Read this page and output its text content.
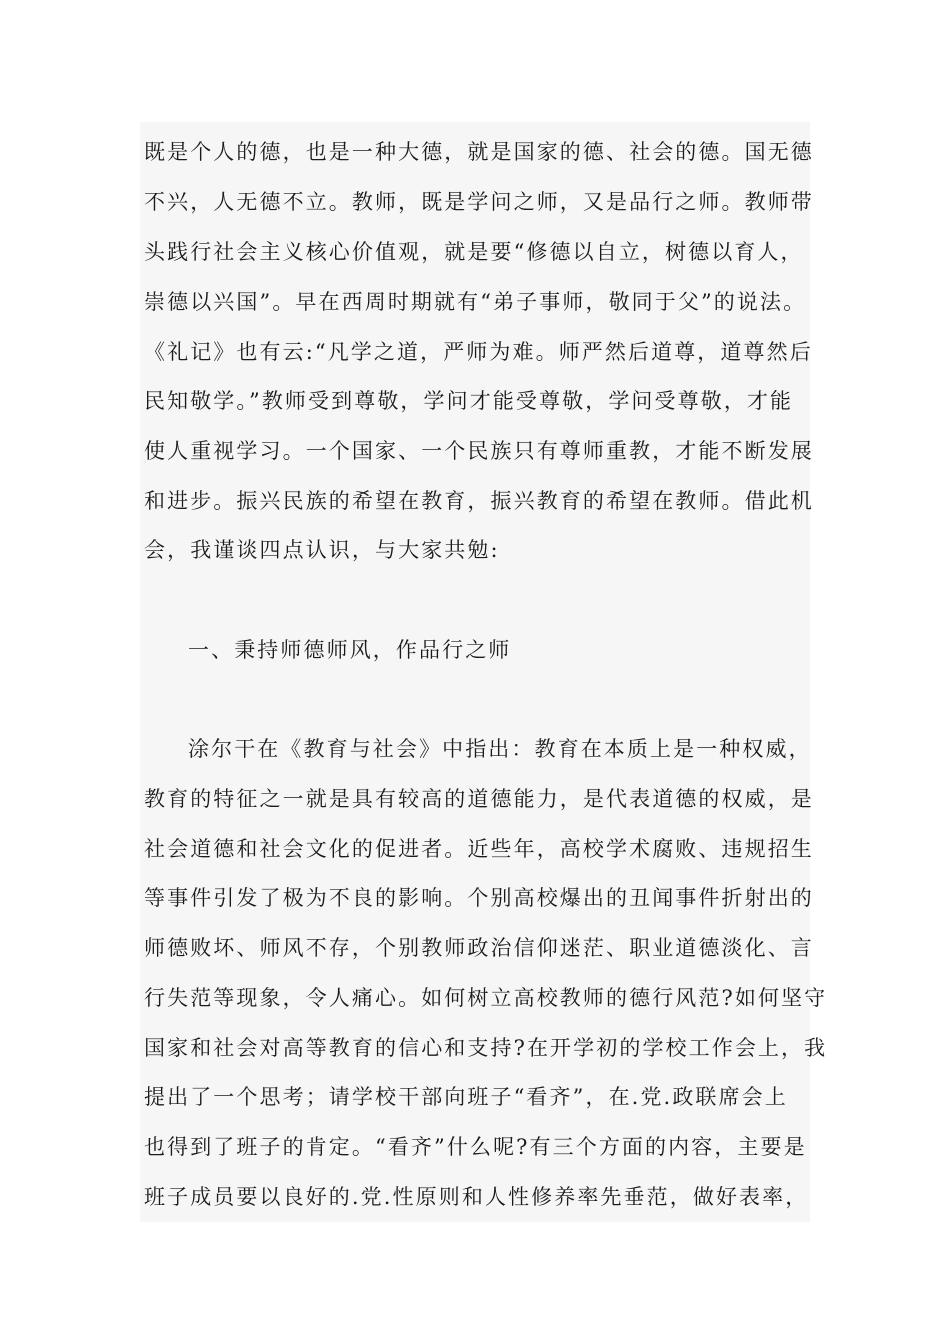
既是个人的德，也是一种大德，就是国家的德、社会的德。国无德
不兴，人无德不立。教师，既是学问之师，又是品行之师。教师带
头践行社会主义核心价值观，就是要“修德以自立，树德以育人，
崇德以兴国”。早在西周时期就有“弟子事师，敬同于父”的说法。
《礼记》也有云:“凡学之道，严师为难。师严然后道尊，道尊然后
民知敬学。”教师受到尊敬，学问才能受尊敬，学问受尊敬，才能
使人重视学习。一个国家、一个民族只有尊师重教，才能不断发展
和进步。振兴民族的希望在教育，振兴教育的希望在教师。借此机
会，我谨谈四点认识，与大家共勉:
一、秉持师德师风，作品行之师
涂尔干在《教育与社会》中指出：教育在本质上是一种权威，
教育的特征之一就是具有较高的道德能力，是代表道德的权威，是
社会道德和社会文化的促进者。近些年，高校学术腐败、违规招生
等事件引发了极为不良的影响。个别高校爆出的丑闻事件折射出的
师德败坏、师风不存，个别教师政治信仰迷茫、职业道德淡化、言
行失范等现象，令人痛心。如何树立高校教师的德行风范?如何坚守
国家和社会对高等教育的信心和支持?在开学初的学校工作会上，我
提出了一个思考；请学校干部向班子“看齐”，在.党.政联席会上
也得到了班子的肯定。“看齐”什么呢?有三个方面的内容，主要是
班子成员要以良好的.党.性原则和人性修养率先垂范，做好表率，
